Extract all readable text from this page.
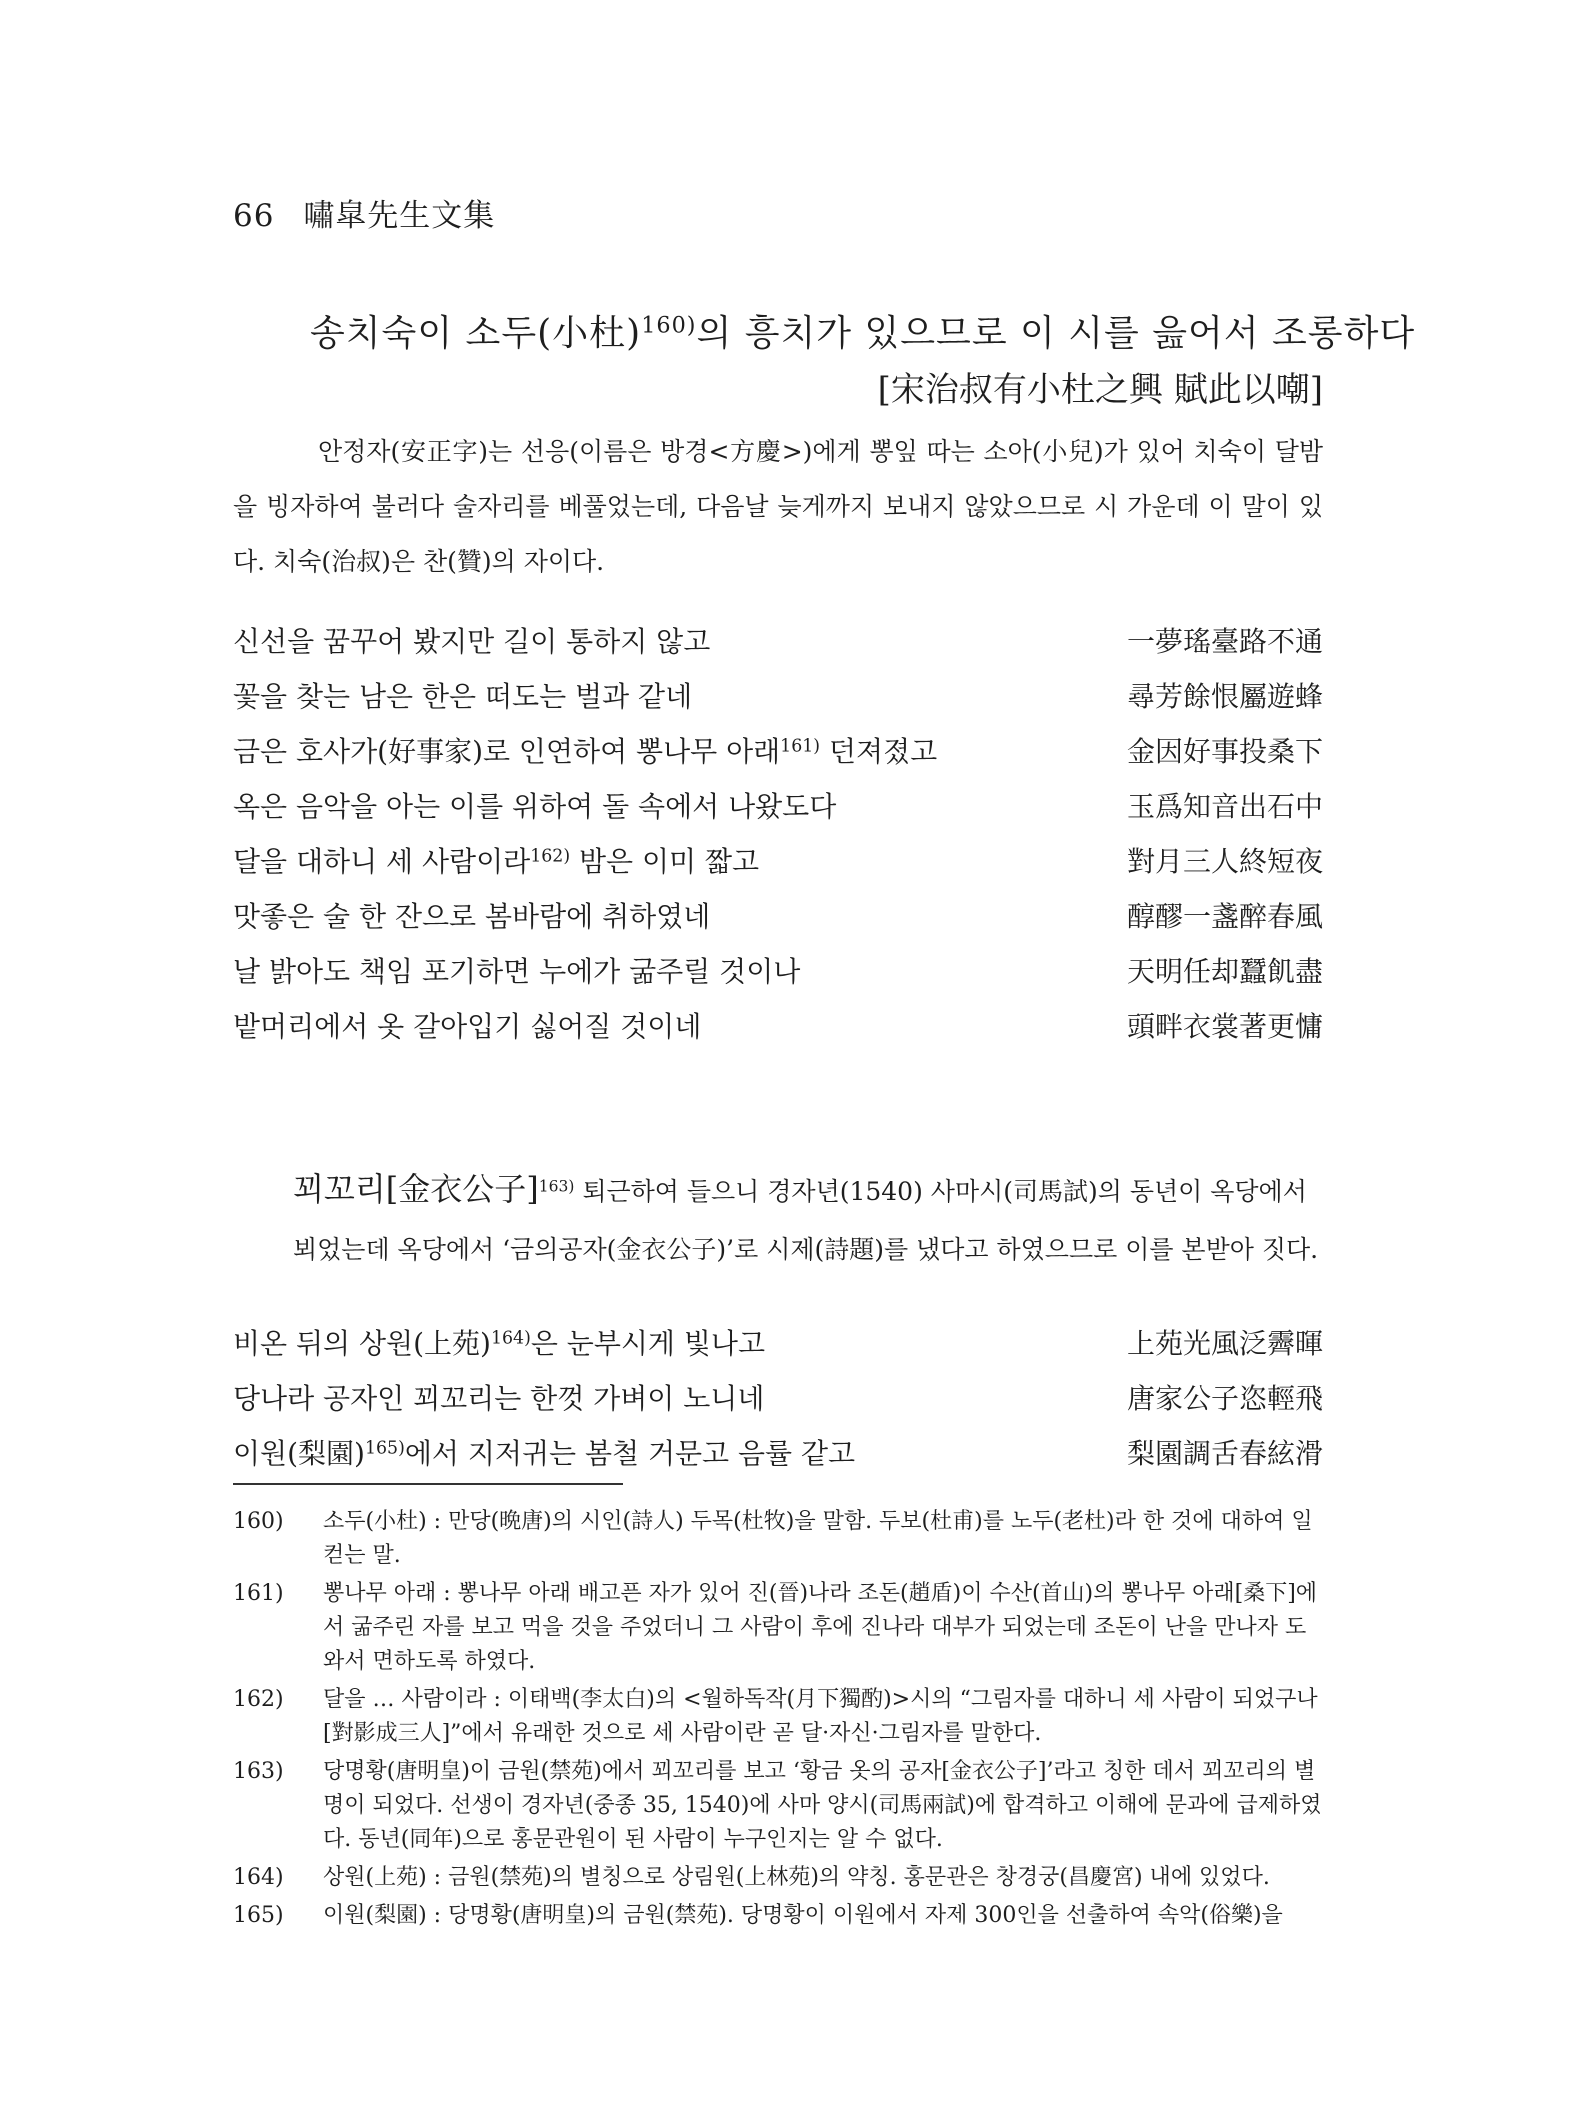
66 嘯皐先生文集
송치숙이 소두(小杜)$^{160)}$의 흥치가 있으므로 이 시를 읊어서 조롱하다
[宋治叔有小杜之興 賦此以嘲]

안정자(安正字)는 선응(이름은 방경<方慶>)에게 뽕잎 따는 소아(小兒)가 있어 치숙이 달밤을 빙자하여 불러다 술자리를 베풀었는데, 다음날 늦게까지 보내지 않았으므로 시 가운데 이 말이 있다. 치숙(治叔)은 찬(贊)의 자이다.

신선을 꿈꾸어 봤지만 길이 통하지 않고	一夢瑤臺路不通
꽃을 찾는 남은 한은 떠도는 벌과 같네	尋芳餘恨屬遊蜂
금은 호사가(好事家)로 인연하여 뽕나무 아래$^{161)}$ 던져졌고	金因好事投桑下
옥은 음악을 아는 이를 위하여 돌 속에서 나왔도다	玉爲知音出石中
달을 대하니 세 사람이라$^{162)}$ 밤은 이미 짧고	對月三人終短夜
맛좋은 술 한 잔으로 봄바람에 취하였네	醇醪一盞醉春風
날 밝아도 책임 포기하면 누에가 굶주릴 것이나	天明任却蠶飢盡
밭머리에서 옷 갈아입기 싫어질 것이네	頭畔衣裳著更慵

꾀꼬리[金衣公子]$^{163)}$ 퇴근하여 들으니 경자년(1540) 사마시(司馬試)의 동년이 옥당에서

뵈었는데 옥당에서 ‘금의공자(金衣公子)’로 시제(詩題)를 냈다고 하였으므로 이를 본받아 짓다.

비온 뒤의 상원(上苑)$^{164)}$은 눈부시게 빛나고	上苑光風泛霽暉
당나라 공자인 꾀꼬리는 한껏 가벼이 노니네	唐家公子恣輕飛
이원(梨園)$^{165)}$에서 지저귀는 봄철 거문고 음률 같고	梨園調舌春絃滑
160) 소두(小杜) : 만당(晩唐)의 시인(詩人) 두목(杜牧)을 말함. 두보(杜甫)를 노두(老杜)라 한 것에 대하여 일컫는 말.
161) 뽕나무 아래 : 뽕나무 아래 배고픈 자가 있어 진(晉)나라 조돈(趙盾)이 수산(首山)의 뽕나무 아래[桑下]에서 굶주린 자를 보고 먹을 것을 주었더니 그 사람이 후에 진나라 대부가 되었는데 조돈이 난을 만나자 도와서 면하도록 하였다.
162) 달을 … 사람이라 : 이태백(李太白)의 <월하독작(月下獨酌)>시의 “그림자를 대하니 세 사람이 되었구나[對影成三人]”에서 유래한 것으로 세 사람이란 곧 달·자신·그림자를 말한다.
163) 당명황(唐明皇)이 금원(禁苑)에서 꾀꼬리를 보고 ‘황금 옷의 공자[金衣公子]’라고 칭한 데서 꾀꼬리의 별명이 되었다. 선생이 경자년(중종 35, 1540)에 사마 양시(司馬兩試)에 합격하고 이해에 문과에 급제하였다. 동년(同年)으로 홍문관원이 된 사람이 누구인지는 알 수 없다.
164) 상원(上苑) : 금원(禁苑)의 별칭으로 상림원(上林苑)의 약칭. 홍문관은 창경궁(昌慶宮) 내에 있었다.
165) 이원(梨園) : 당명황(唐明皇)의 금원(禁苑). 당명황이 이원에서 자제 300인을 선출하여 속악(俗樂)을
